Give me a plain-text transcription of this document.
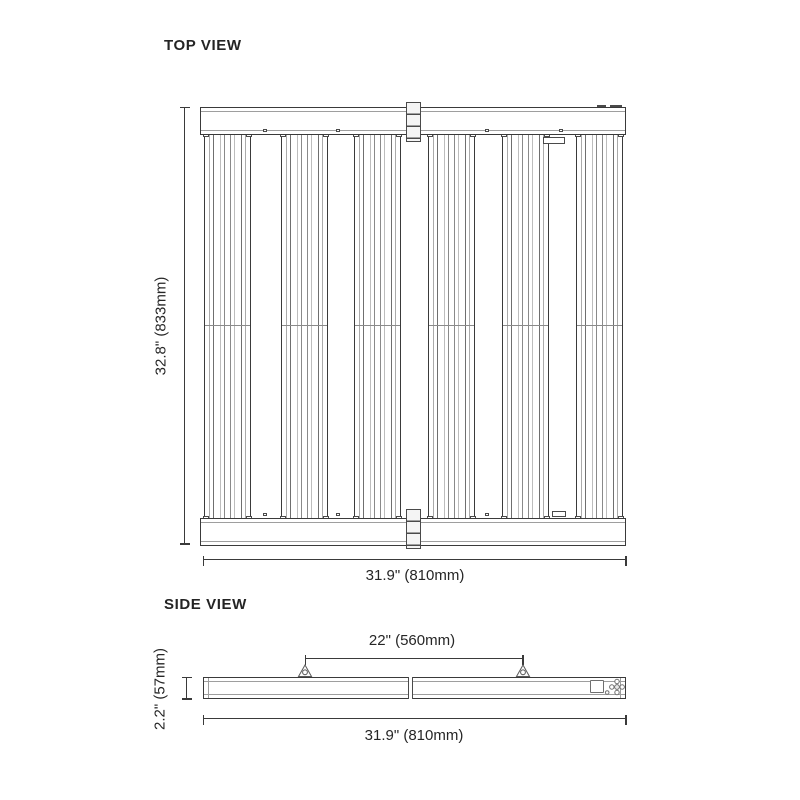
TOP VIEW
32.8" (833mm)
31.9" (810mm)
SIDE VIEW
22" (560mm)
2.2" (57mm)
31.9" (810mm)
